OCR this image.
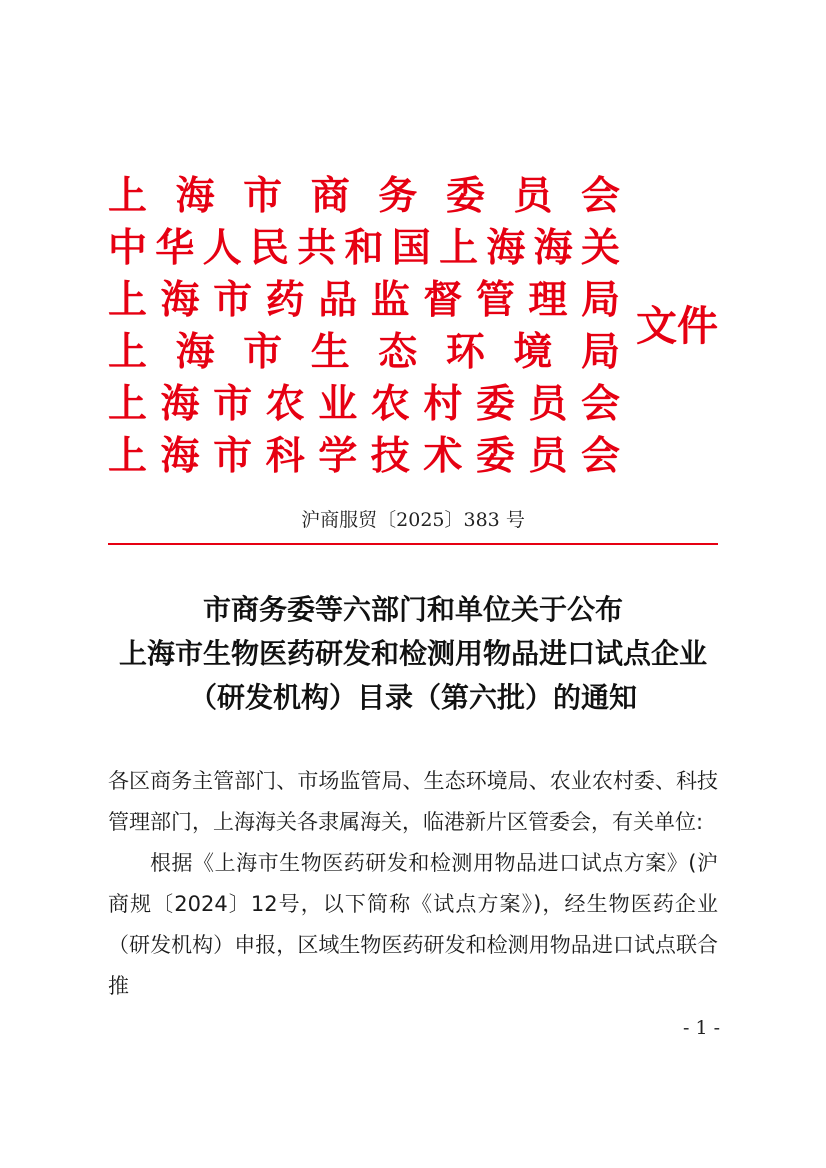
上 海 市 商 务 委 员 会
中华人民共和国上海海关
上海市药品监督管理局
上 海 市 生 态 环 境 局
上海市农业农村委员会
上海市科学技术委员会
文件
沪商服贸〔2025〕383 号
市商务委等六部门和单位关于公布
上海市生物医药研发和检测用物品进口试点企业
（研发机构）目录（第六批）的通知

各区商务主管部门、市场监管局、生态环境局、农业农村委、科技管理部门，上海海关各隶属海关，临港新片区管委会，有关单位:

根据《上海市生物医药研发和检测用物品进口试点方案》(沪商规〔2024〕12号，以下简称《试点方案》)，经生物医药企业（研发机构）申报，区域生物医药研发和检测用物品进口试点联合推

- 1 -
